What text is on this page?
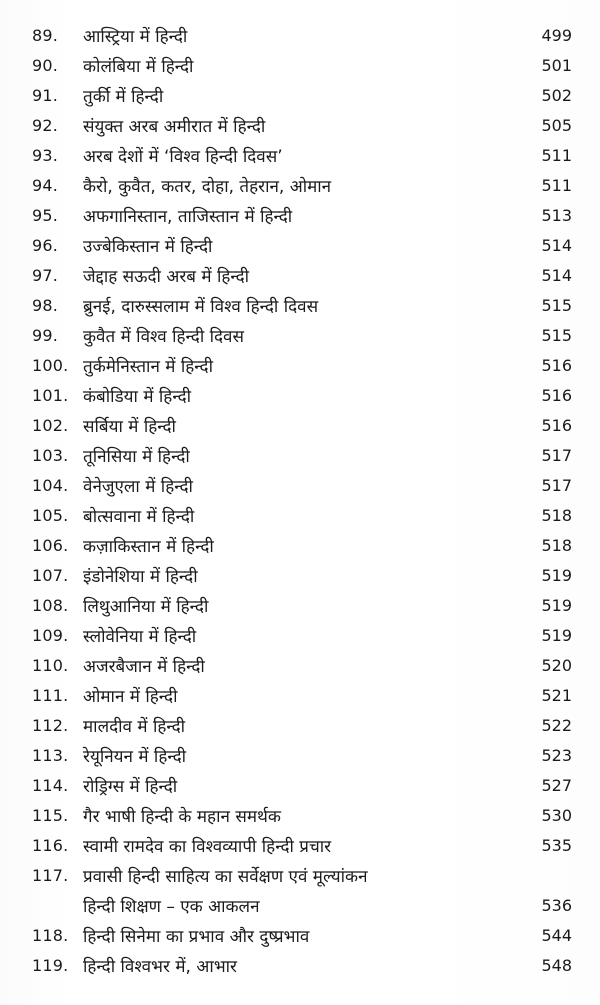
89. आस्ट्रिया में हिन्दी	499
90. कोलंबिया में हिन्दी	501
91. तुर्की में हिन्दी	502
92. संयुक्त अरब अमीरात में हिन्दी	505
93. अरब देशों में ‘विश्व हिन्दी दिवस’	511
94. कैरो, कुवैत, कतर, दोहा, तेहरान, ओमान	511
95. अफगानिस्तान, ताजिस्तान में हिन्दी	513
96. उज्बेकिस्तान में हिन्दी	514
97. जेद्दाह सऊदी अरब में हिन्दी	514
98. ब्रुनई, दारुस्सलाम में विश्व हिन्दी दिवस	515
99. कुवैत में विश्व हिन्दी दिवस	515
100. तुर्कमेनिस्तान में हिन्दी	516
101. कंबोडिया में हिन्दी	516
102. सर्बिया में हिन्दी	516
103. तूनिसिया में हिन्दी	517
104. वेनेजुएला में हिन्दी	517
105. बोत्सवाना में हिन्दी	518
106. कज़ाकिस्तान में हिन्दी	518
107. इंडोनेशिया में हिन्दी	519
108. लिथुआनिया में हिन्दी	519
109. स्लोवेनिया में हिन्दी	519
110. अजरबैजान में हिन्दी	520
111. ओमान में हिन्दी	521
112. मालदीव में हिन्दी	522
113. रेयूनियन में हिन्दी	523
114. रोड्रिग्स में हिन्दी	527
115. गैर भाषी हिन्दी के महान समर्थक	530
116. स्वामी रामदेव का विश्वव्यापी हिन्दी प्रचार	535
117. प्रवासी हिन्दी साहित्य का सर्वेक्षण एवं मूल्यांकन
हिन्दी शिक्षण – एक आकलन	536
118. हिन्दी सिनेमा का प्रभाव और दुष्प्रभाव	544
119. हिन्दी विश्वभर में, आभार	548
